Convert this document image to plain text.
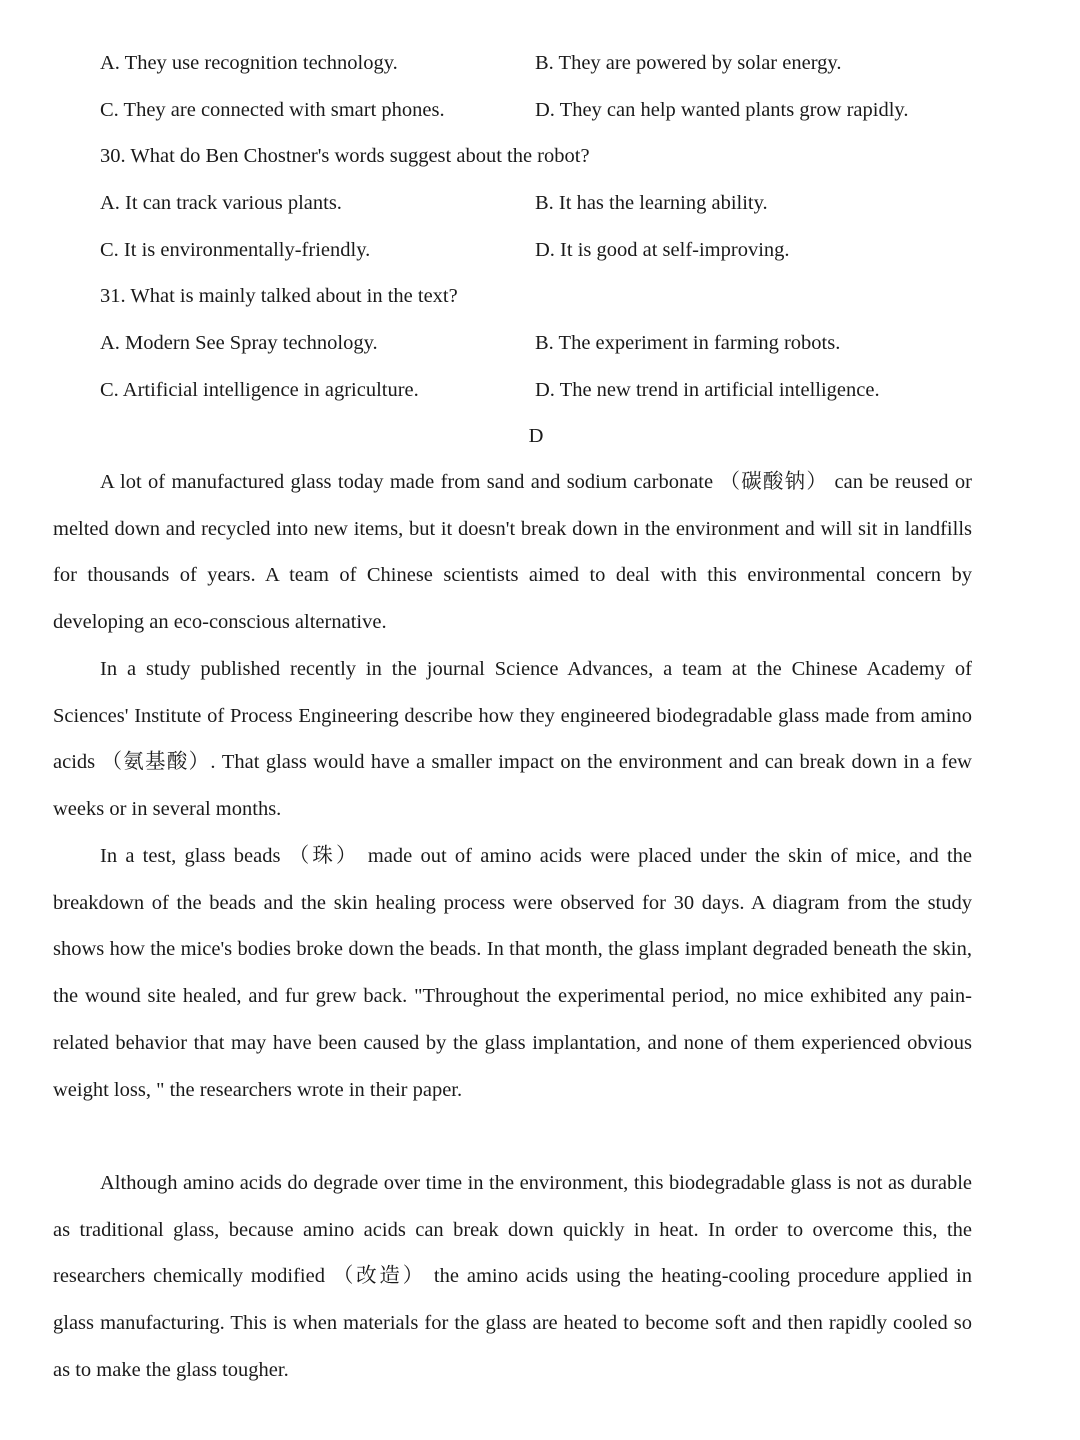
A. They use recognition technology.	B. They are powered by solar energy.
C. They are connected with smart phones.	D. They can help wanted plants grow rapidly.
30. What do Ben Chostner's words suggest about the robot?
A. It can track various plants.	B. It has the learning ability.
C. It is environmentally-friendly.	D. It is good at self-improving.
31. What is mainly talked about in the text?
A. Modern See Spray technology.	B. The experiment in farming robots.
C. Artificial intelligence in agriculture.	D. The new trend in artificial intelligence.
D

A lot of manufactured glass today made from sand and sodium carbonate （碳酸钠） can be reused or melted down and recycled into new items, but it doesn't break down in the environment and will sit in landfills for thousands of years. A team of Chinese scientists aimed to deal with this environmental concern by developing an eco-conscious alternative.

In a study published recently in the journal Science Advances, a team at the Chinese Academy of Sciences' Institute of Process Engineering describe how they engineered biodegradable glass made from amino acids （氨基酸）. That glass would have a smaller impact on the environment and can break down in a few weeks or in several months.

In a test, glass beads （珠） made out of amino acids were placed under the skin of mice, and the breakdown of the beads and the skin healing process were observed for 30 days. A diagram from the study shows how the mice's bodies broke down the beads. In that month, the glass implant degraded beneath the skin, the wound site healed, and fur grew back. "Throughout the experimental period, no mice exhibited any pain-related behavior that may have been caused by the glass implantation, and none of them experienced obvious weight loss, " the researchers wrote in their paper.

Although amino acids do degrade over time in the environment, this biodegradable glass is not as durable as traditional glass, because amino acids can break down quickly in heat. In order to overcome this, the researchers chemically modified （改造） the amino acids using the heating-cooling procedure applied in glass manufacturing. This is when materials for the glass are heated to become soft and then rapidly cooled so as to make the glass tougher.
